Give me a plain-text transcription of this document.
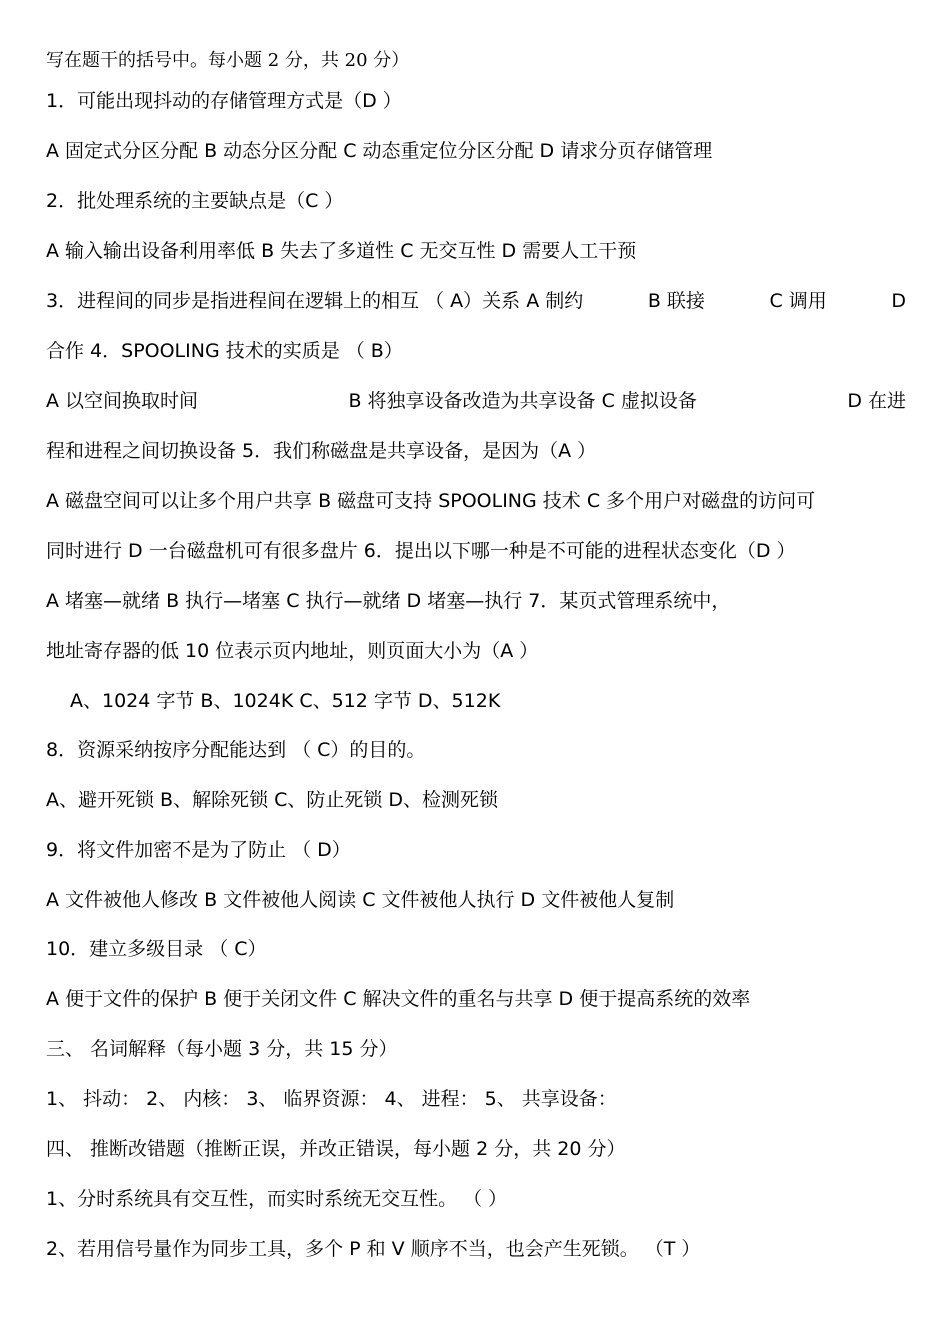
写在题干的括号中。每小题 2 分，共 20 分）

1．可能出现抖动的存储管理方式是（D ）

A 固定式分区分配 B 动态分区分配 C 动态重定位分区分配 D 请求分页存储管理

2．批处理系统的主要缺点是（C ）

A 输入输出设备利用率低 B 失去了多道性 C 无交互性 D 需要人工干预

3．进程间的同步是指进程间在逻辑上的相互 （ A）关系 A 制约	B 联接	C 调用	D

合作 4．SPOOLING 技术的实质是 （ B）

A 以空间换取时间	B 将独享设备改造为共享设备 C 虚拟设备	D 在进

程和进程之间切换设备 5．我们称磁盘是共享设备，是因为（A ）

A 磁盘空间可以让多个用户共享 B 磁盘可支持 SPOOLING 技术 C 多个用户对磁盘的访问可

同时进行 D 一台磁盘机可有很多盘片 6．提出以下哪一种是不可能的进程状态变化（D ）

A 堵塞—就绪 B 执行—堵塞 C 执行—就绪 D 堵塞—执行 7．某页式管理系统中，

地址寄存器的低 10 位表示页内地址，则页面大小为（A ）

A、1024 字节 B、1024K C、512 字节 D、512K

8．资源采纳按序分配能达到 （ C）的目的。

A、避开死锁 B、解除死锁 C、防止死锁 D、检测死锁

9．将文件加密不是为了防止 （ D）

A 文件被他人修改 B 文件被他人阅读 C 文件被他人执行 D 文件被他人复制

10．建立多级目录 （ C）

A 便于文件的保护 B 便于关闭文件 C 解决文件的重名与共享 D 便于提高系统的效率

三、 名词解释（每小题 3 分，共 15 分）

1、 抖动： 2、 内核： 3、 临界资源： 4、 进程： 5、 共享设备：

四、 推断改错题（推断正误，并改正错误，每小题 2 分，共 20 分）

1、分时系统具有交互性，而实时系统无交互性。 （ ）

2、若用信号量作为同步工具，多个 P 和 V 顺序不当，也会产生死锁。 （T ）
